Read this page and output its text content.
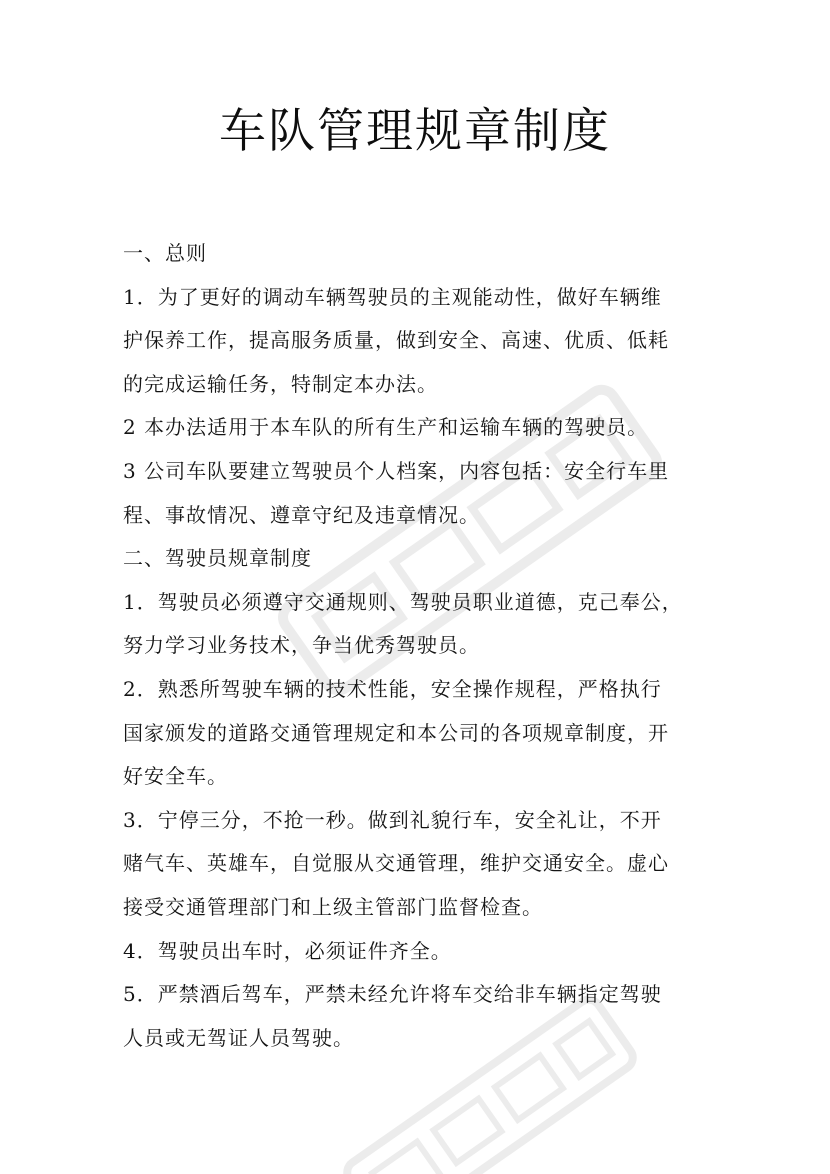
车队管理规章制度

一、总则

1．为了更好的调动车辆驾驶员的主观能动性，做好车辆维

护保养工作，提高服务质量，做到安全、高速、优质、低耗

的完成运输任务，特制定本办法。

2 本办法适用于本车队的所有生产和运输车辆的驾驶员。

3 公司车队要建立驾驶员个人档案，内容包括：安全行车里

程、事故情况、遵章守纪及违章情况。

二、驾驶员规章制度

1．驾驶员必须遵守交通规则、驾驶员职业道德，克己奉公，

努力学习业务技术，争当优秀驾驶员。

2．熟悉所驾驶车辆的技术性能，安全操作规程，严格执行

国家颁发的道路交通管理规定和本公司的各项规章制度，开

好安全车。

3．宁停三分，不抢一秒。做到礼貌行车，安全礼让，不开

赌气车、英雄车，自觉服从交通管理，维护交通安全。虚心

接受交通管理部门和上级主管部门监督检查。

4．驾驶员出车时，必须证件齐全。

5．严禁酒后驾车，严禁未经允许将车交给非车辆指定驾驶

人员或无驾证人员驾驶。
